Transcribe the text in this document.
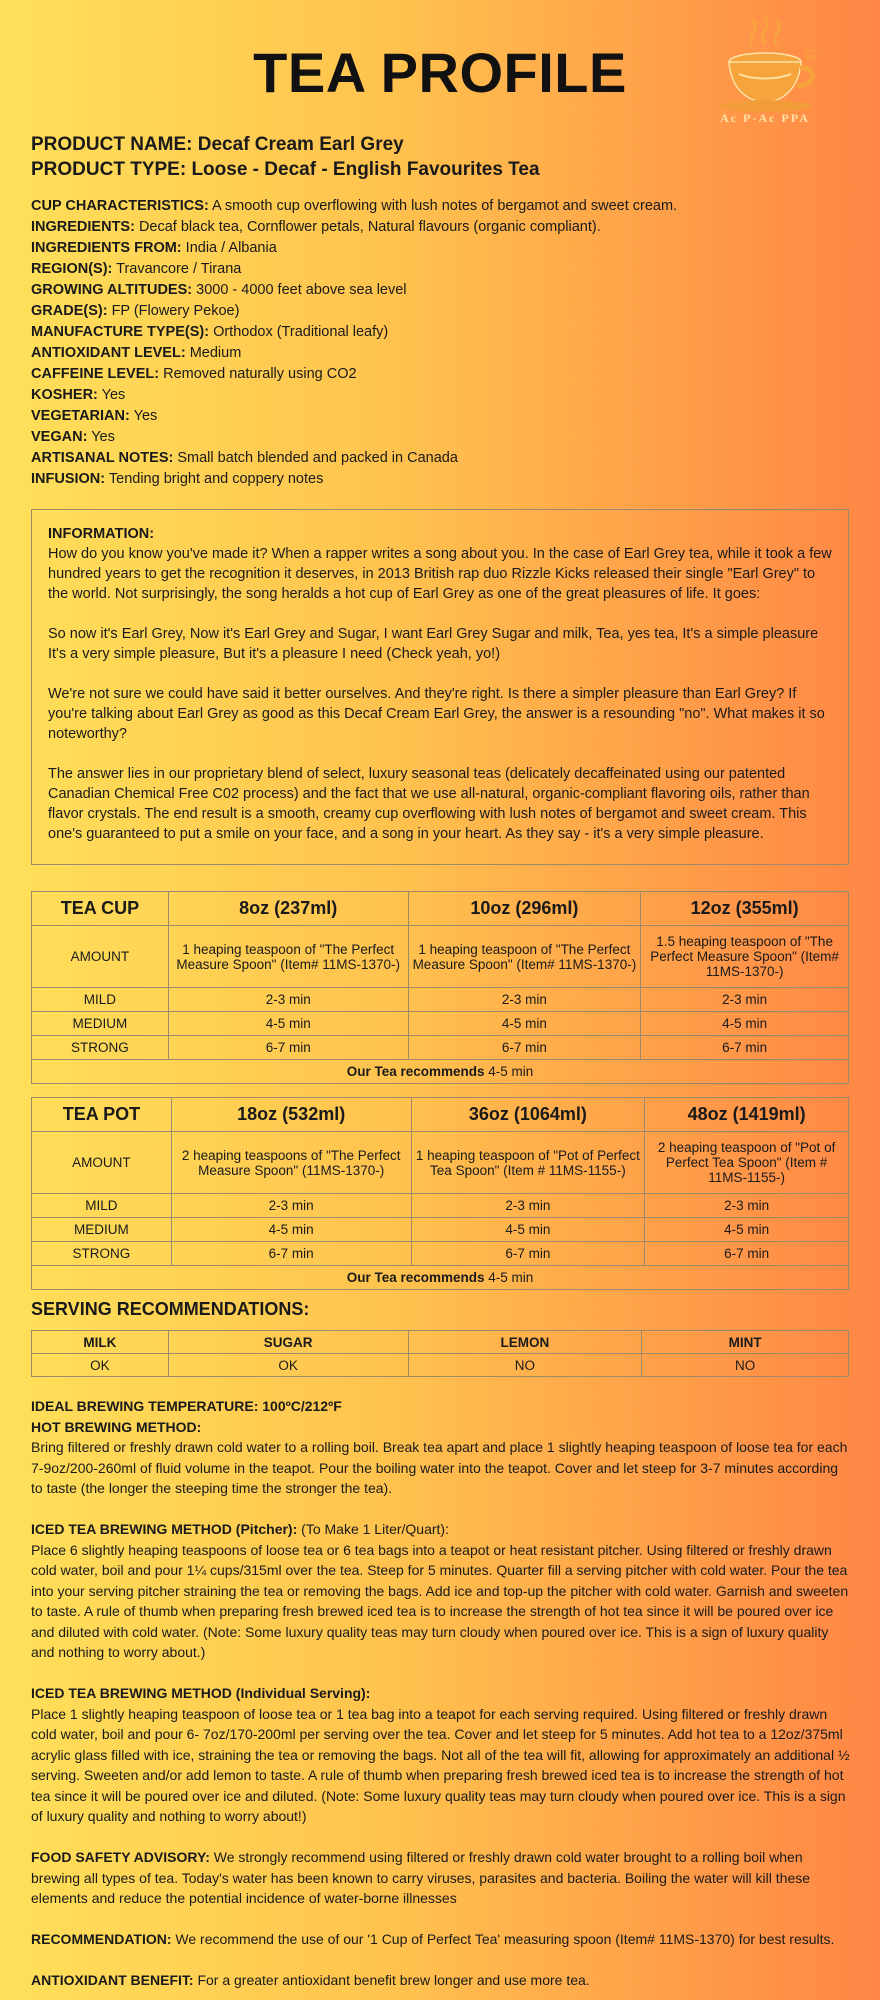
TEA PROFILE	®
Ac P-Ac PPA
PRODUCT NAME: Decaf Cream Earl Grey
PRODUCT TYPE: Loose - Decaf - English Favourites Tea
CUP CHARACTERISTICS: A smooth cup overflowing with lush notes of bergamot and sweet cream.
INGREDIENTS: Decaf black tea, Cornflower petals, Natural flavours (organic compliant).
INGREDIENTS FROM: India / Albania
REGION(S): Travancore / Tirana
GROWING ALTITUDES: 3000 - 4000 feet above sea level
GRADE(S): FP (Flowery Pekoe)
MANUFACTURE TYPE(S): Orthodox (Traditional leafy)
ANTIOXIDANT LEVEL: Medium
CAFFEINE LEVEL: Removed naturally using CO2
KOSHER: Yes
VEGETARIAN: Yes
VEGAN: Yes
ARTISANAL NOTES: Small batch blended and packed in Canada
INFUSION: Tending bright and coppery notes
INFORMATION:

How do you know you've made it? When a rapper writes a song about you. In the case of Earl Grey tea, while it took a few hundred years to get the recognition it deserves, in 2013 British rap duo Rizzle Kicks released their single "Earl Grey" to the world. Not surprisingly, the song heralds a hot cup of Earl Grey as one of the great pleasures of life. It goes:

So now it's Earl Grey, Now it's Earl Grey and Sugar, I want Earl Grey Sugar and milk, Tea, yes tea, It's a simple pleasure It's a very simple pleasure, But it's a pleasure I need (Check yeah, yo!)

We're not sure we could have said it better ourselves. And they're right. Is there a simpler pleasure than Earl Grey? If you're talking about Earl Grey as good as this Decaf Cream Earl Grey, the answer is a resounding "no". What makes it so noteworthy?

The answer lies in our proprietary blend of select, luxury seasonal teas (delicately decaffeinated using our patented Canadian Chemical Free C02 process) and the fact that we use all-natural, organic-compliant flavoring oils, rather than flavor crystals. The end result is a smooth, creamy cup overflowing with lush notes of bergamot and sweet cream. This one's guaranteed to put a smile on your face, and a song in your heart. As they say - it's a very simple pleasure.

TEA CUP	8oz (237ml)	10oz (296ml)	12oz (355ml)
AMOUNT	1 heaping teaspoon of "The Perfect Measure Spoon" (Item# 11MS-1370-)	1 heaping teaspoon of "The Perfect Measure Spoon" (Item# 11MS-1370-)	1.5 heaping teaspoon of "The Perfect Measure Spoon" (Item# 11MS-1370-)
MILD	2-3 min	2-3 min	2-3 min
MEDIUM	4-5 min	4-5 min	4-5 min
STRONG	6-7 min	6-7 min	6-7 min
Our Tea recommends 4-5 min			
TEA POT	18oz (532ml)	36oz (1064ml)	48oz (1419ml)
AMOUNT	2 heaping teaspoons of "The Perfect Measure Spoon" (11MS-1370-)	1 heaping teaspoon of "Pot of Perfect Tea Spoon" (Item # 11MS-1155-)	2 heaping teaspoon of "Pot of Perfect Tea Spoon" (Item # 11MS-1155-)
MILD	2-3 min	2-3 min	2-3 min
MEDIUM	4-5 min	4-5 min	4-5 min
STRONG	6-7 min	6-7 min	6-7 min
Our Tea recommends 4-5 min			
SERVING RECOMMENDATIONS:
MILK	SUGAR	LEMON	MINT
OK	OK	NO	NO
IDEAL BREWING TEMPERATURE: 100ºC/212ºF
HOT BREWING METHOD:
Bring filtered or freshly drawn cold water to a rolling boil. Break tea apart and place 1 slightly heaping teaspoon of loose tea for each 7-9oz/200-260ml of fluid volume in the teapot. Pour the boiling water into the teapot. Cover and let steep for 3-7 minutes according to taste (the longer the steeping time the stronger the tea).
ICED TEA BREWING METHOD (Pitcher): (To Make 1 Liter/Quart):
Place 6 slightly heaping teaspoons of loose tea or 6 tea bags into a teapot or heat resistant pitcher. Using filtered or freshly drawn cold water, boil and pour 1¼ cups/315ml over the tea. Steep for 5 minutes. Quarter fill a serving pitcher with cold water. Pour the tea into your serving pitcher straining the tea or removing the bags. Add ice and top-up the pitcher with cold water. Garnish and sweeten to taste. A rule of thumb when preparing fresh brewed iced tea is to increase the strength of hot tea since it will be poured over ice and diluted with cold water. (Note: Some luxury quality teas may turn cloudy when poured over ice. This is a sign of luxury quality and nothing to worry about.)
ICED TEA BREWING METHOD (Individual Serving):
Place 1 slightly heaping teaspoon of loose tea or 1 tea bag into a teapot for each serving required. Using filtered or freshly drawn cold water, boil and pour 6- 7oz/170-200ml per serving over the tea. Cover and let steep for 5 minutes. Add hot tea to a 12oz/375ml acrylic glass filled with ice, straining the tea or removing the bags. Not all of the tea will fit, allowing for approximately an additional ½ serving. Sweeten and/or add lemon to taste. A rule of thumb when preparing fresh brewed iced tea is to increase the strength of hot tea since it will be poured over ice and diluted. (Note: Some luxury quality teas may turn cloudy when poured over ice. This is a sign of luxury quality and nothing to worry about!)
FOOD SAFETY ADVISORY: We strongly recommend using filtered or freshly drawn cold water brought to a rolling boil when brewing all types of tea. Today's water has been known to carry viruses, parasites and bacteria. Boiling the water will kill these elements and reduce the potential incidence of water-borne illnesses
RECOMMENDATION: We recommend the use of our '1 Cup of Perfect Tea' measuring spoon (Item# 11MS-1370) for best results.
ANTIOXIDANT BENEFIT: For a greater antioxidant benefit brew longer and use more tea.
